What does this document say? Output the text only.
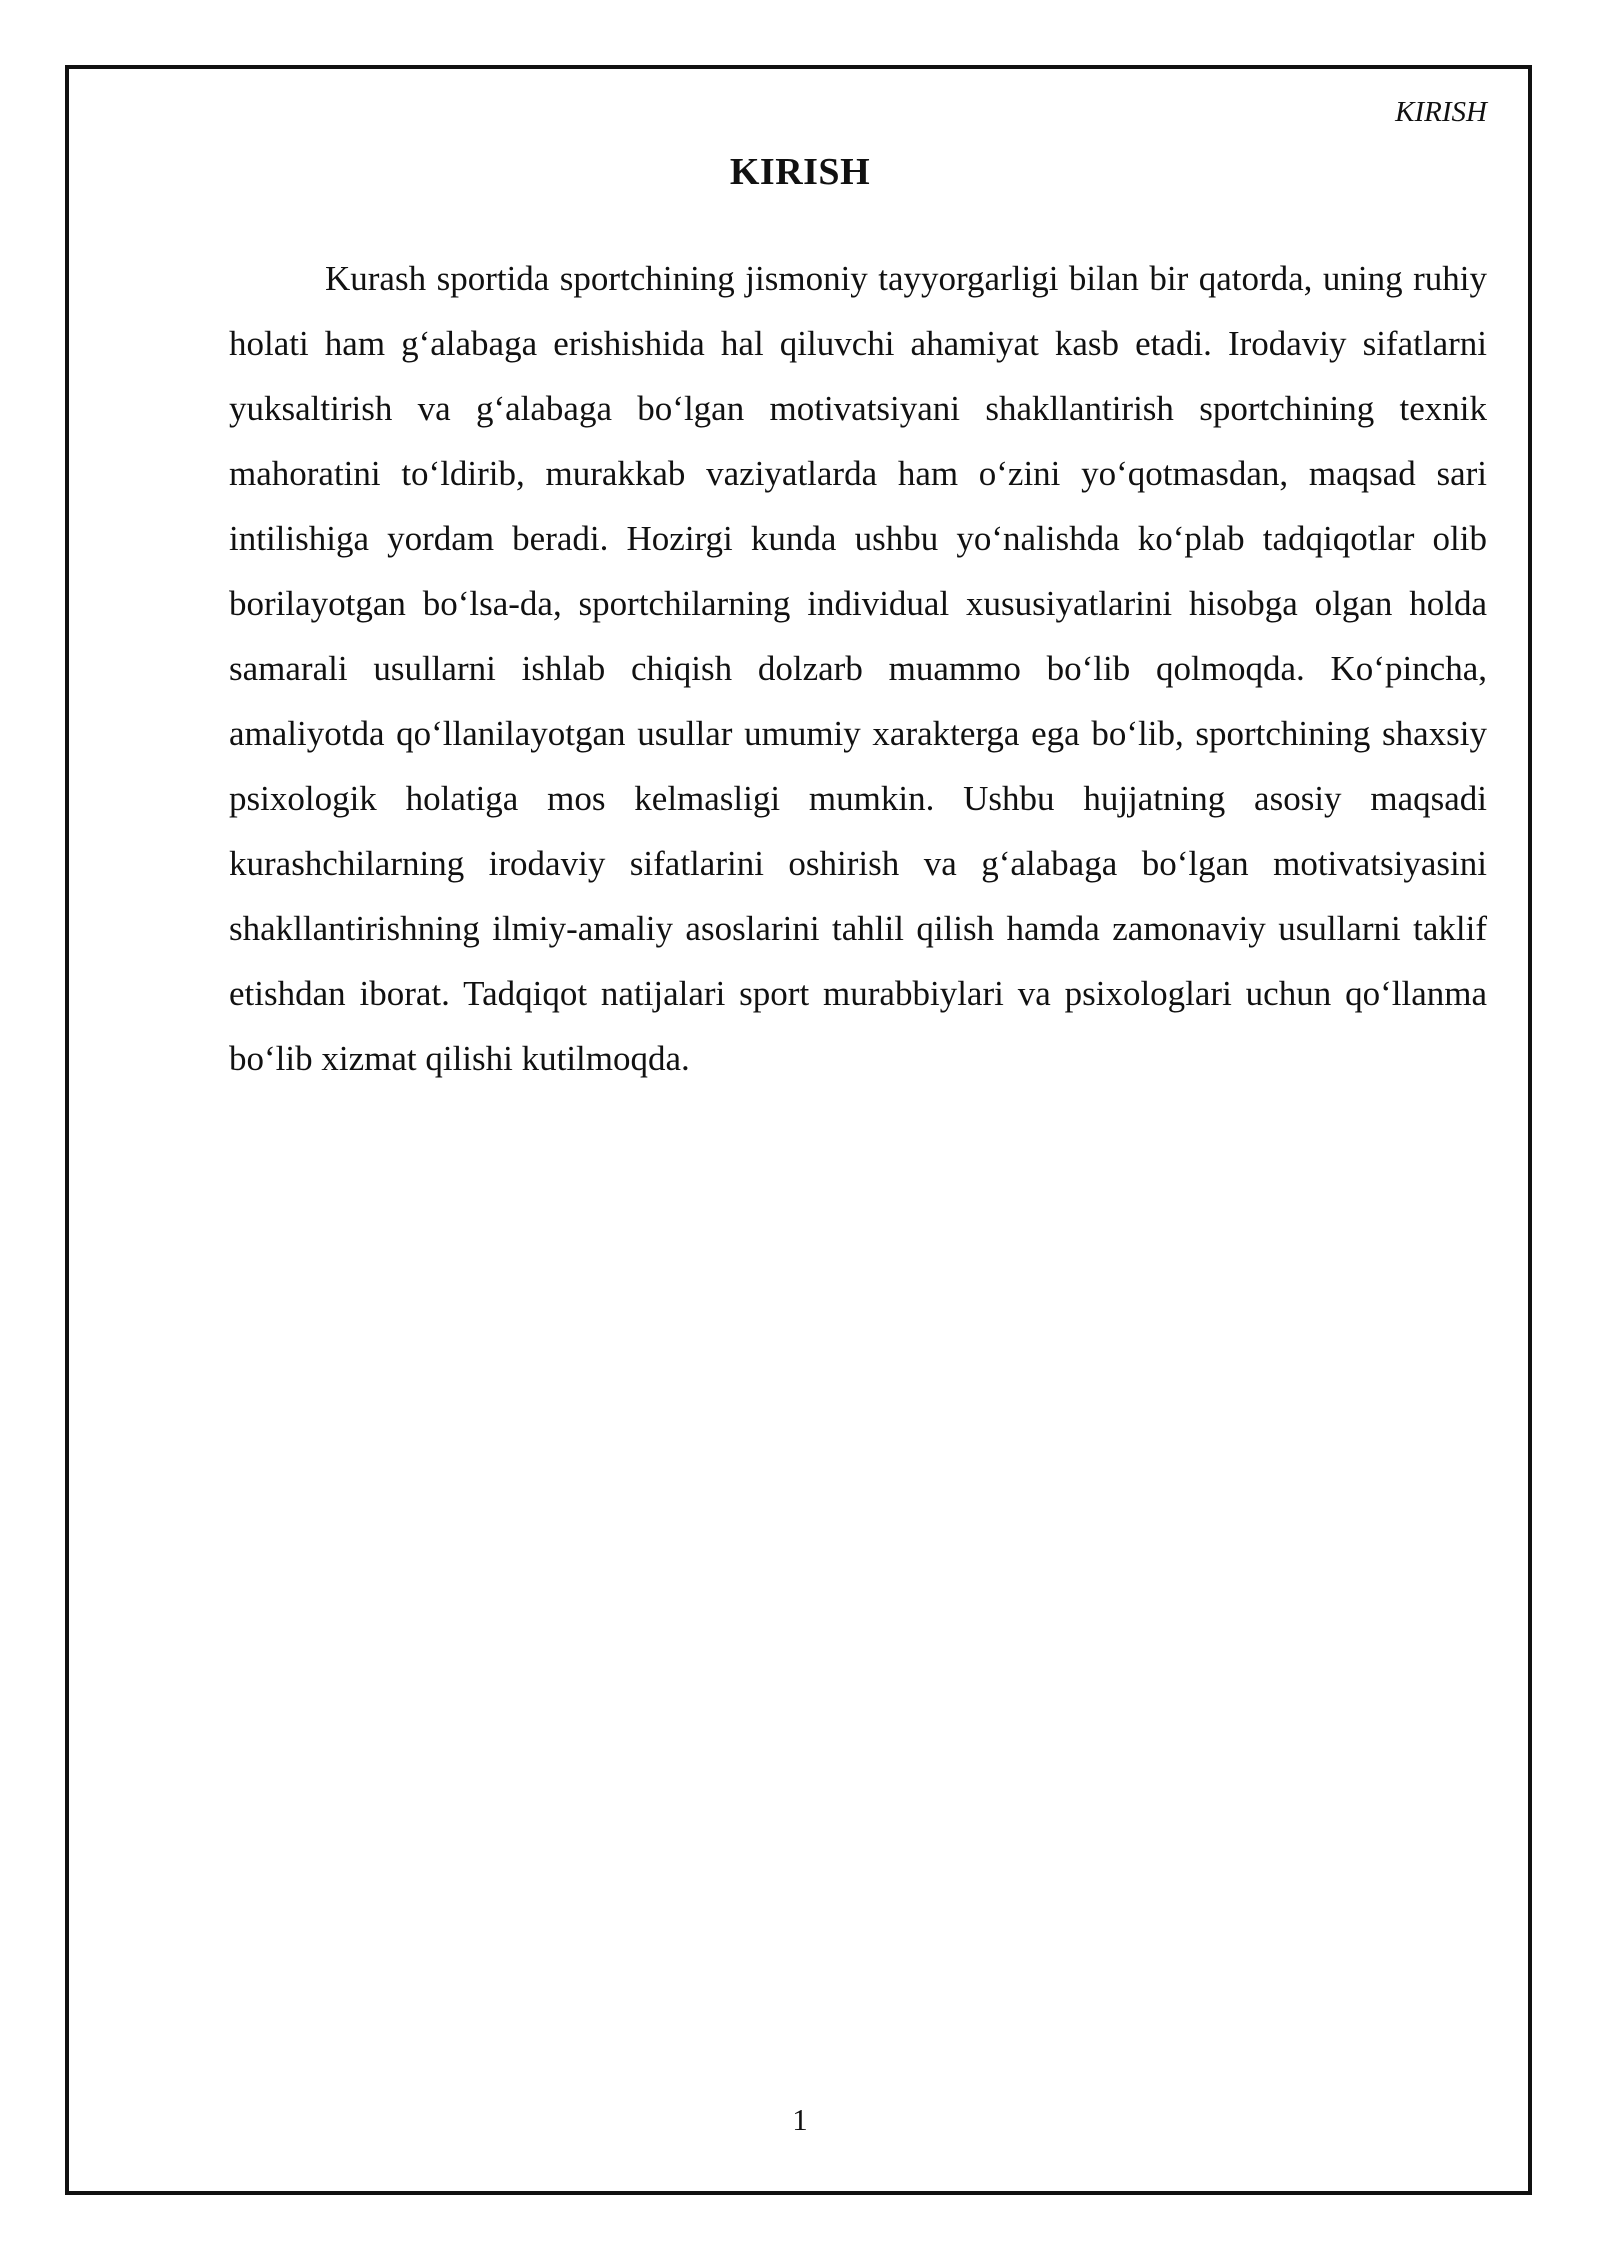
KIRISH
KIRISH

Kurash sportida sportchining jismoniy tayyorgarligi bilan bir qatorda, uning ruhiy holati ham g‘alabaga erishishida hal qiluvchi ahamiyat kasb etadi. Irodaviy sifatlarni yuksaltirish va g‘alabaga bo‘lgan motivatsiyani shakllantirish sportchining texnik mahoratini to‘ldirib, murakkab vaziyatlarda ham o‘zini yo‘qotmasdan, maqsad sari intilishiga yordam beradi. Hozirgi kunda ushbu yo‘nalishda ko‘plab tadqiqotlar olib borilayotgan bo‘lsa-da, sportchilarning individual xususiyatlarini hisobga olgan holda samarali usullarni ishlab chiqish dolzarb muammo bo‘lib qolmoqda. Ko‘pincha, amaliyotda qo‘llanilayotgan usullar umumiy xarakterga ega bo‘lib, sportchining shaxsiy psixologik holatiga mos kelmasligi mumkin. Ushbu hujjatning asosiy maqsadi kurashchilarning irodaviy sifatlarini oshirish va g‘alabaga bo‘lgan motivatsiyasini shakllantirishning ilmiy-amaliy asoslarini tahlil qilish hamda zamonaviy usullarni taklif etishdan iborat. Tadqiqot natijalari sport murabbiylari va psixologlari uchun qo‘llanma bo‘lib xizmat qilishi kutilmoqda.

1
